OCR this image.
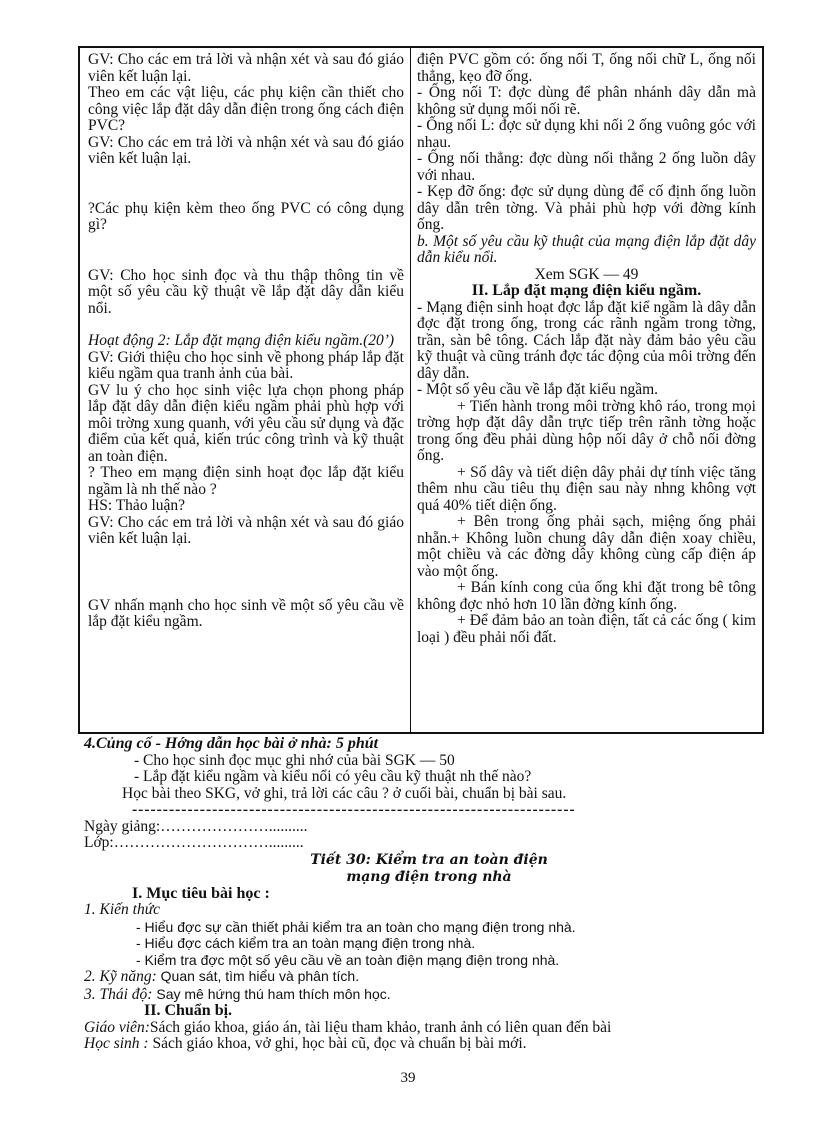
GV: Cho các em trả lời và nhận xét và sau đó giáo viên kết luận lại.

Theo em các vật liệu, các phụ kiện cần thiết cho công việc lắp đặt dây dẫn điện trong ống cách điện PVC?

GV: Cho các em trả lời và nhận xét và sau đó giáo viên kết luận lại.

?Các phụ kiện kèm theo ống PVC có công dụng gì?

GV: Cho học sinh đọc và thu thập thông tin về một số yêu cầu kỹ thuật về lắp đặt dây dẫn kiểu nổi.

Hoạt động 2: Lắp đặt mạng điện kiểu ngầm.(20’)

GV: Giới thiệu cho học sinh về phong pháp lắp đặt kiểu ngầm qua tranh ảnh của bài.

GV lu ý cho học sinh việc lựa chọn phong pháp lắp đặt dây dẫn điện kiểu ngầm phải phù hợp với môi trờng xung quanh, với yêu cầu sử dụng và đặc điểm của kết quả, kiến trúc công trình và kỹ thuật an toàn điện.

? Theo em mạng điện sinh hoạt đọc lắp đặt kiểu ngầm là nh thế nào ?

HS: Thảo luận?

GV: Cho các em trả lời và nhận xét và sau đó giáo viên kết luận lại.

GV nhấn mạnh cho học sinh về một số yêu cầu về lắp đặt kiểu ngầm.

điện PVC gồm có: ống nối T, ống nối chữ L, ống nối thẳng, kẹo đỡ ống.

- Ống nối T: đợc dùng để phân nhánh dây dẫn mà không sử dụng mối nối rẽ.

- Ống nối L: đợc sử dụng khi nối 2 ống vuông góc với nhau.

- Ống nối thẳng: đợc dùng nối thẳng 2 ống luồn dây với nhau.

- Kẹp đỡ ống: đợc sử dụng dùng để cố định ống luồn dây dẫn trên tờng. Và phải phù hợp với đờng kính ống.

b. Một số yêu cầu kỹ thuật của mạng điện lắp đặt dây dẫn kiểu nổi.

Xem SGK — 49

II. Lắp đặt mạng điện kiểu ngầm.

- Mạng điện sinh hoạt đợc lắp đặt kiể ngầm là dây dẫn đợc đặt trong ống, trong các rãnh ngầm trong tờng, trần, sàn bê tông. Cách lắp đặt này đảm bảo yêu cầu kỹ thuật và cũng tránh đợc tác động của môi trờng đến dây dẫn.

- Một số yêu cầu về lắp đặt kiểu ngầm.

+ Tiến hành trong môi trờng khô ráo, trong mọi trờng hợp đặt dây dẫn trực tiếp trên rãnh tờng hoặc trong ống đều phải dùng hộp nối dây ở chỗ nối đờng ống.

+ Số dây và tiết diện dây phải dự tính việc tăng thêm nhu cầu tiêu thụ điện sau này nhng không vợt quá 40% tiết diện ống.

+ Bên trong ống phải sạch, miệng ống phải nhẵn.+ Không luồn chung dây dẫn điện xoay chiều, một chiều và các đờng dây không cùng cấp điện áp vào một ống.

+ Bán kính cong của ống khi đặt trong bê tông không đợc nhỏ hơn 10 lần đờng kính ống.

+ Để đảm bảo an toàn điện, tất cả các ống ( kim loại ) đều phải nối đất.

4.Củng cố - Hớng dẫn học bài ở nhà: 5 phút
- Cho học sinh đọc mục ghi nhớ của bài SGK — 50
- Lắp đặt kiểu ngầm và kiểu nổi có yêu cầu kỹ thuật nh thế nào?
Học bài theo SKG, vở ghi, trả lời các câu ? ở cuối bài, chuẩn bị bài sau.
------------------------------------------------------------------------
Ngày giảng:…………………..........
Lớp:………………………….........
Tiết 30: Kiểm tra an toàn điện
mạng điện trong nhà
I. Mục tiêu bài học :
1. Kiến thức
- Hiểu đợc sự cần thiết phải kiểm tra an toàn cho mạng điện trong nhà.
- Hiểu đợc cách kiểm tra an toàn mạng điện trong nhà.
- Kiểm tra đợc một số yêu cầu về an toàn điện mạng điện trong nhà.
2. Kỹ năng: Quan sát, tìm hiểu và phân tích.
3. Thái độ: Say mê hứng thú ham thích môn học.
II. Chuẩn bị.
Giáo viên:Sách giáo khoa, giáo án, tài liệu tham khảo, tranh ảnh có liên quan đến bài
Học sinh : Sách giáo khoa, vở ghi, học bài cũ, đọc và chuẩn bị bài mới.
39
